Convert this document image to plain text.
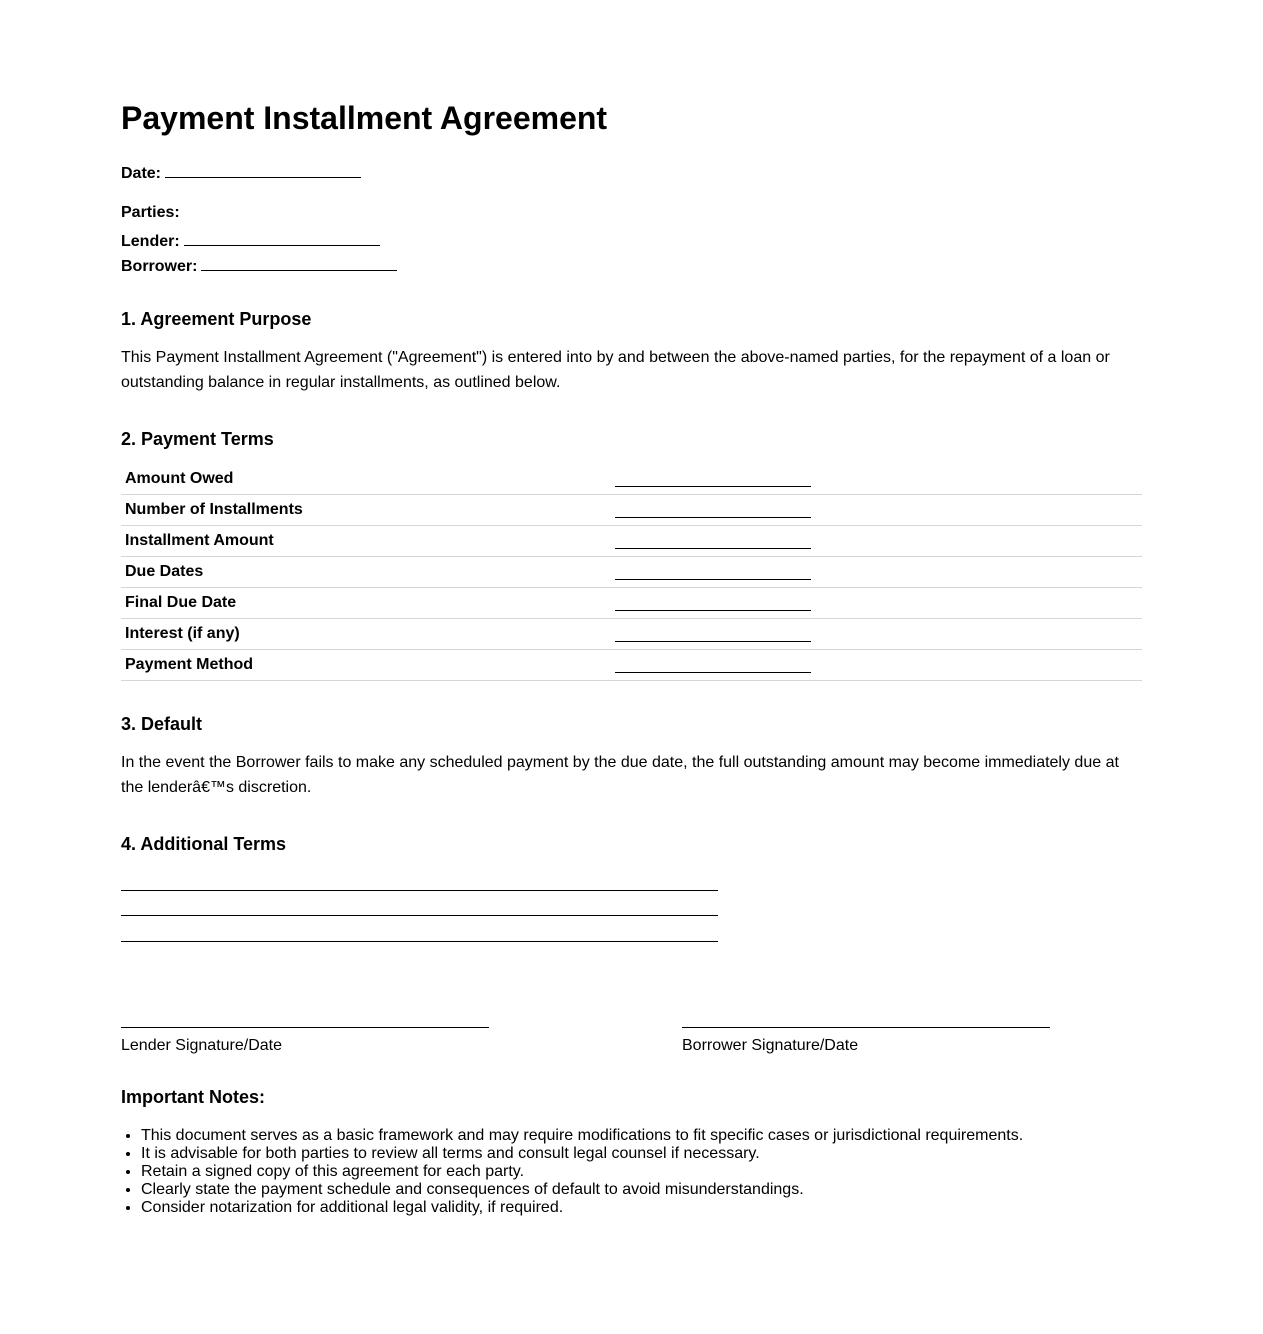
Payment Installment Agreement
Date:
Parties:
Lender:
Borrower:
1. Agreement Purpose

This Payment Installment Agreement ("Agreement") is entered into by and between the above-named parties, for the repayment of a loan or outstanding balance in regular installments, as outlined below.

2. Payment Terms
Amount Owed	

Number of Installments	

Installment Amount	

Due Dates	

Final Due Date	

Interest (if any)	

Payment Method	
3. Default

In the event the Borrower fails to make any scheduled payment by the due date, the full outstanding amount may become immediately due at the lenderâ€™s discretion.

4. Additional Terms
Lender Signature/Date	Borrower Signature/Date
Important Notes:
• This document serves as a basic framework and may require modifications to fit specific cases or jurisdictional requirements.
• It is advisable for both parties to review all terms and consult legal counsel if necessary.
• Retain a signed copy of this agreement for each party.
• Clearly state the payment schedule and consequences of default to avoid misunderstandings.
• Consider notarization for additional legal validity, if required.
